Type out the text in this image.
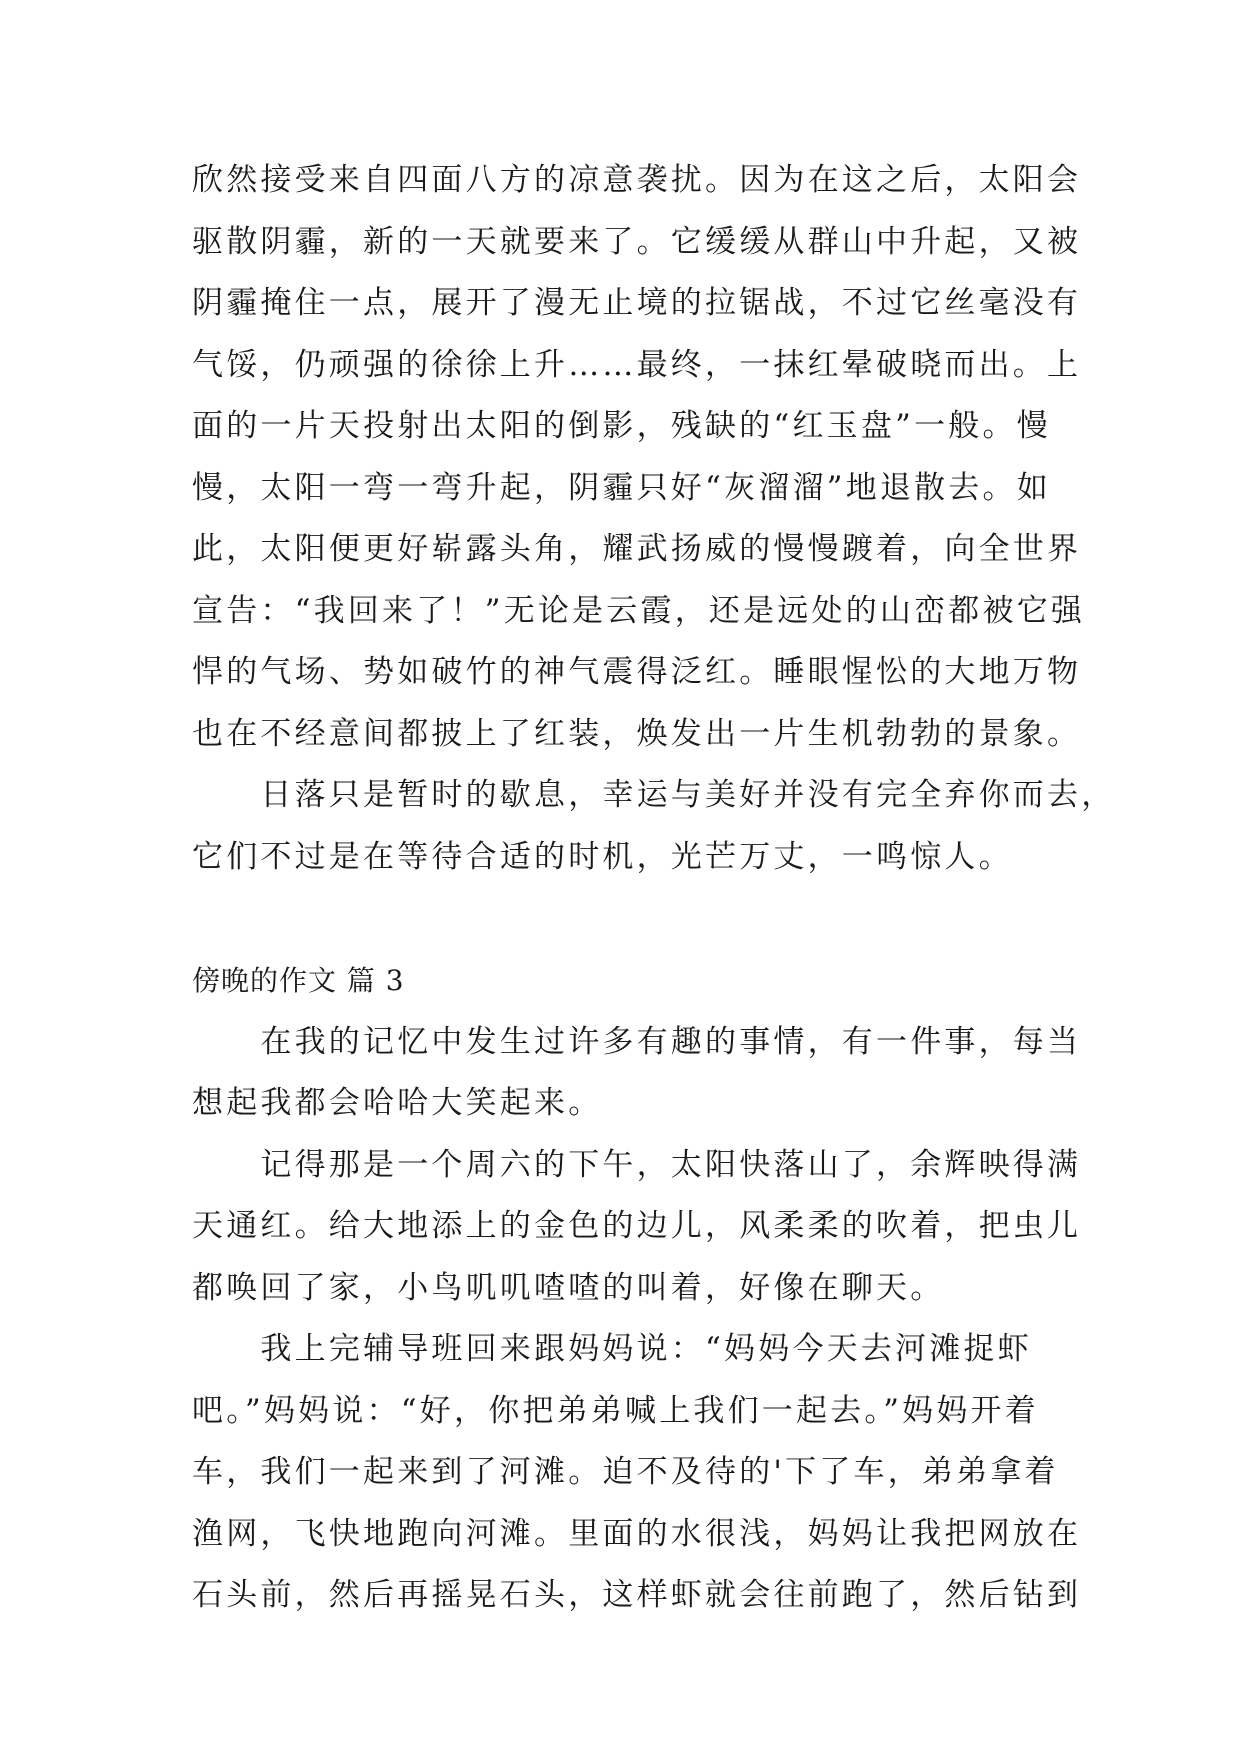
欣然接受来自四面八方的凉意袭扰。因为在这之后，太阳会
驱散阴霾，新的一天就要来了。它缓缓从群山中升起，又被
阴霾掩住一点，展开了漫无止境的拉锯战，不过它丝毫没有
气馁，仍顽强的徐徐上升……最终，一抹红晕破晓而出。上
面的一片天投射出太阳的倒影，残缺的“红玉盘”一般。慢
慢，太阳一弯一弯升起，阴霾只好“灰溜溜”地退散去。如
此，太阳便更好崭露头角，耀武扬威的慢慢踱着，向全世界
宣告：“我回来了！”无论是云霞，还是远处的山峦都被它强
悍的气场、势如破竹的神气震得泛红。睡眼惺忪的大地万物
也在不经意间都披上了红装，焕发出一片生机勃勃的景象。
　　日落只是暂时的歇息，幸运与美好并没有完全弃你而去，
它们不过是在等待合适的时机，光芒万丈，一鸣惊人。
傍晚的作文 篇 3
　　在我的记忆中发生过许多有趣的事情，有一件事，每当
想起我都会哈哈大笑起来。
　　记得那是一个周六的下午，太阳快落山了，余辉映得满
天通红。给大地添上的金色的边儿，风柔柔的吹着，把虫儿
都唤回了家，小鸟叽叽喳喳的叫着，好像在聊天。
　　我上完辅导班回来跟妈妈说：“妈妈今天去河滩捉虾
吧。”妈妈说：“好，你把弟弟喊上我们一起去。”妈妈开着
车，我们一起来到了河滩。迫不及待的'下了车，弟弟拿着
渔网，飞快地跑向河滩。里面的水很浅，妈妈让我把网放在
石头前，然后再摇晃石头，这样虾就会往前跑了，然后钻到
